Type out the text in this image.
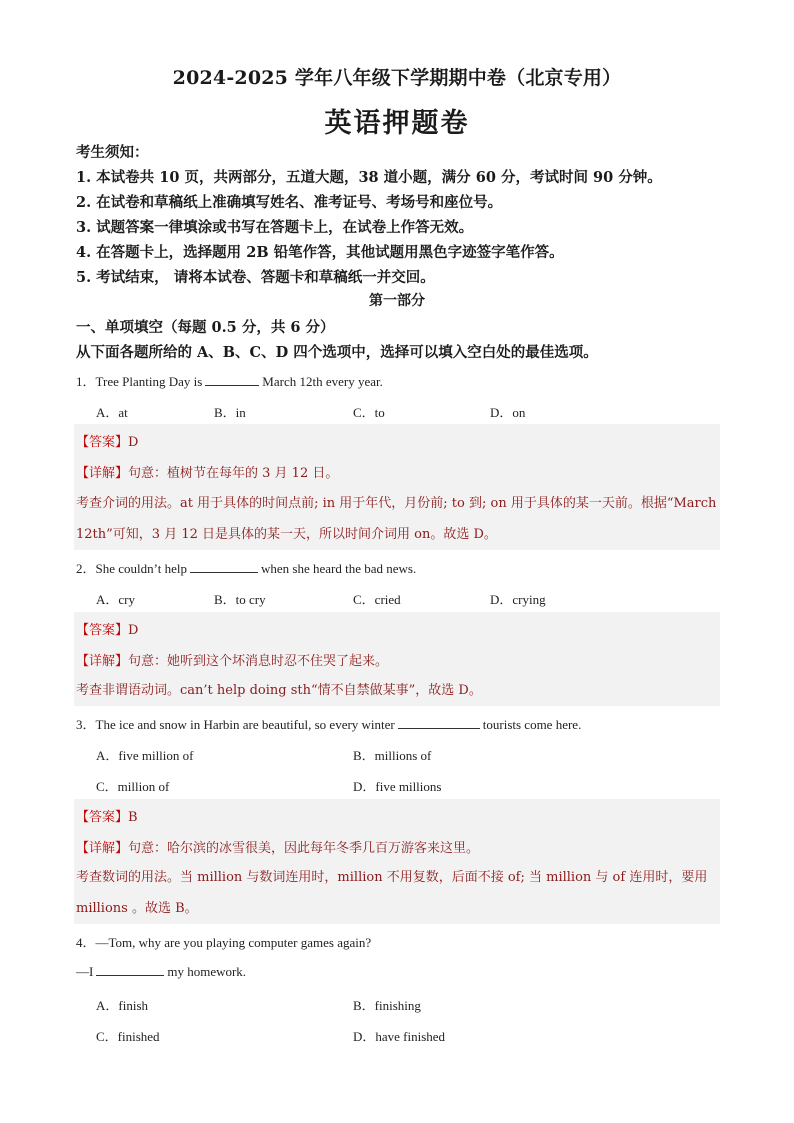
2024-2025 学年八年级下学期期中卷（北京专用）
英语押题卷
考生须知：
1. 本试卷共 10 页，共两部分，五道大题，38 道小题，满分 60 分，考试时间 90 分钟。
2. 在试卷和草稿纸上准确填写姓名、准考证号、考场号和座位号。
3. 试题答案一律填涂或书写在答题卡上，在试卷上作答无效。
4. 在答题卡上，选择题用 2B 铅笔作答，其他试题用黑色字迹签字笔作答。
5. 考试结束， 请将本试卷、答题卡和草稿纸一并交回。
第一部分
一、单项填空（每题 0.5 分，共 6 分）
从下面各题所给的 A、B、C、D 四个选项中，选择可以填入空白处的最佳选项。
1．Tree Planting Day is	March 12th every year.
A．at	B．in	C．to	D．on
【答案】D
【详解】句意：植树节在每年的 3 月 12 日。
考查介词的用法。at 用于具体的时间点前; in 用于年代，月份前; to 到; on 用于具体的某一天前。根据“March
12th”可知，3 月 12 日是具体的某一天，所以时间介词用 on。故选 D。
2．She couldn’t help	when she heard the bad news.
A．cry	B．to cry	C．cried	D．crying
【答案】D
【详解】句意：她听到这个坏消息时忍不住哭了起来。
考查非谓语动词。can’t help doing sth“情不自禁做某事”，故选 D。
3．The ice and snow in Harbin are beautiful, so every winter	tourists come here.
A．five million of	B．millions of
C．million of	D．five millions
【答案】B
【详解】句意：哈尔滨的冰雪很美，因此每年冬季几百万游客来这里。
考查数词的用法。当 million 与数词连用时，million 不用复数，后面不接 of; 当 million 与 of 连用时，要用
millions 。故选 B。
4．—Tom, why are you playing computer games again?
—I	my homework.
A．finish	B．finishing
C．finished	D．have finished
